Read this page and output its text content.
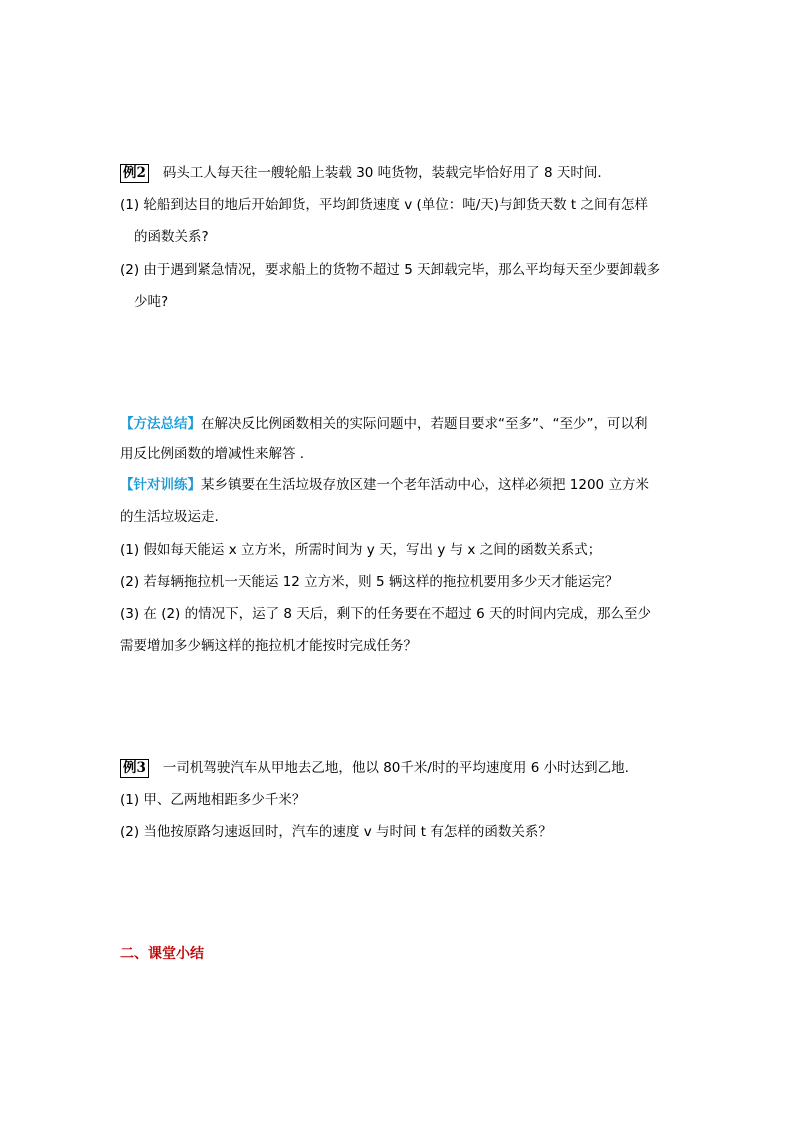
例2 码头工人每天往一艘轮船上装载 30 吨货物，装载完毕恰好用了 8 天时间.
(1) 轮船到达目的地后开始卸货，平均卸货速度 v (单位：吨/天)与卸货天数 t 之间有怎样
的函数关系?
(2) 由于遇到紧急情况，要求船上的货物不超过 5 天卸载完毕，那么平均每天至少要卸载多
少吨?
【方法总结】在解决反比例函数相关的实际问题中，若题目要求“至多”、“至少”，可以利
用反比例函数的增减性来解答 .
【针对训练】某乡镇要在生活垃圾存放区建一个老年活动中心，这样必须把 1200 立方米
的生活垃圾运走.
(1) 假如每天能运 x 立方米，所需时间为 y 天，写出 y 与 x 之间的函数关系式；
(2) 若每辆拖拉机一天能运 12 立方米，则 5 辆这样的拖拉机要用多少天才能运完？
(3) 在 (2) 的情况下，运了 8 天后，剩下的任务要在不超过 6 天的时间内完成，那么至少
需要增加多少辆这样的拖拉机才能按时完成任务？
例3 一司机驾驶汽车从甲地去乙地，他以 80千米/时的平均速度用 6 小时达到乙地.
(1) 甲、乙两地相距多少千米？
(2) 当他按原路匀速返回时，汽车的速度 v 与时间 t 有怎样的函数关系？
二、课堂小结
